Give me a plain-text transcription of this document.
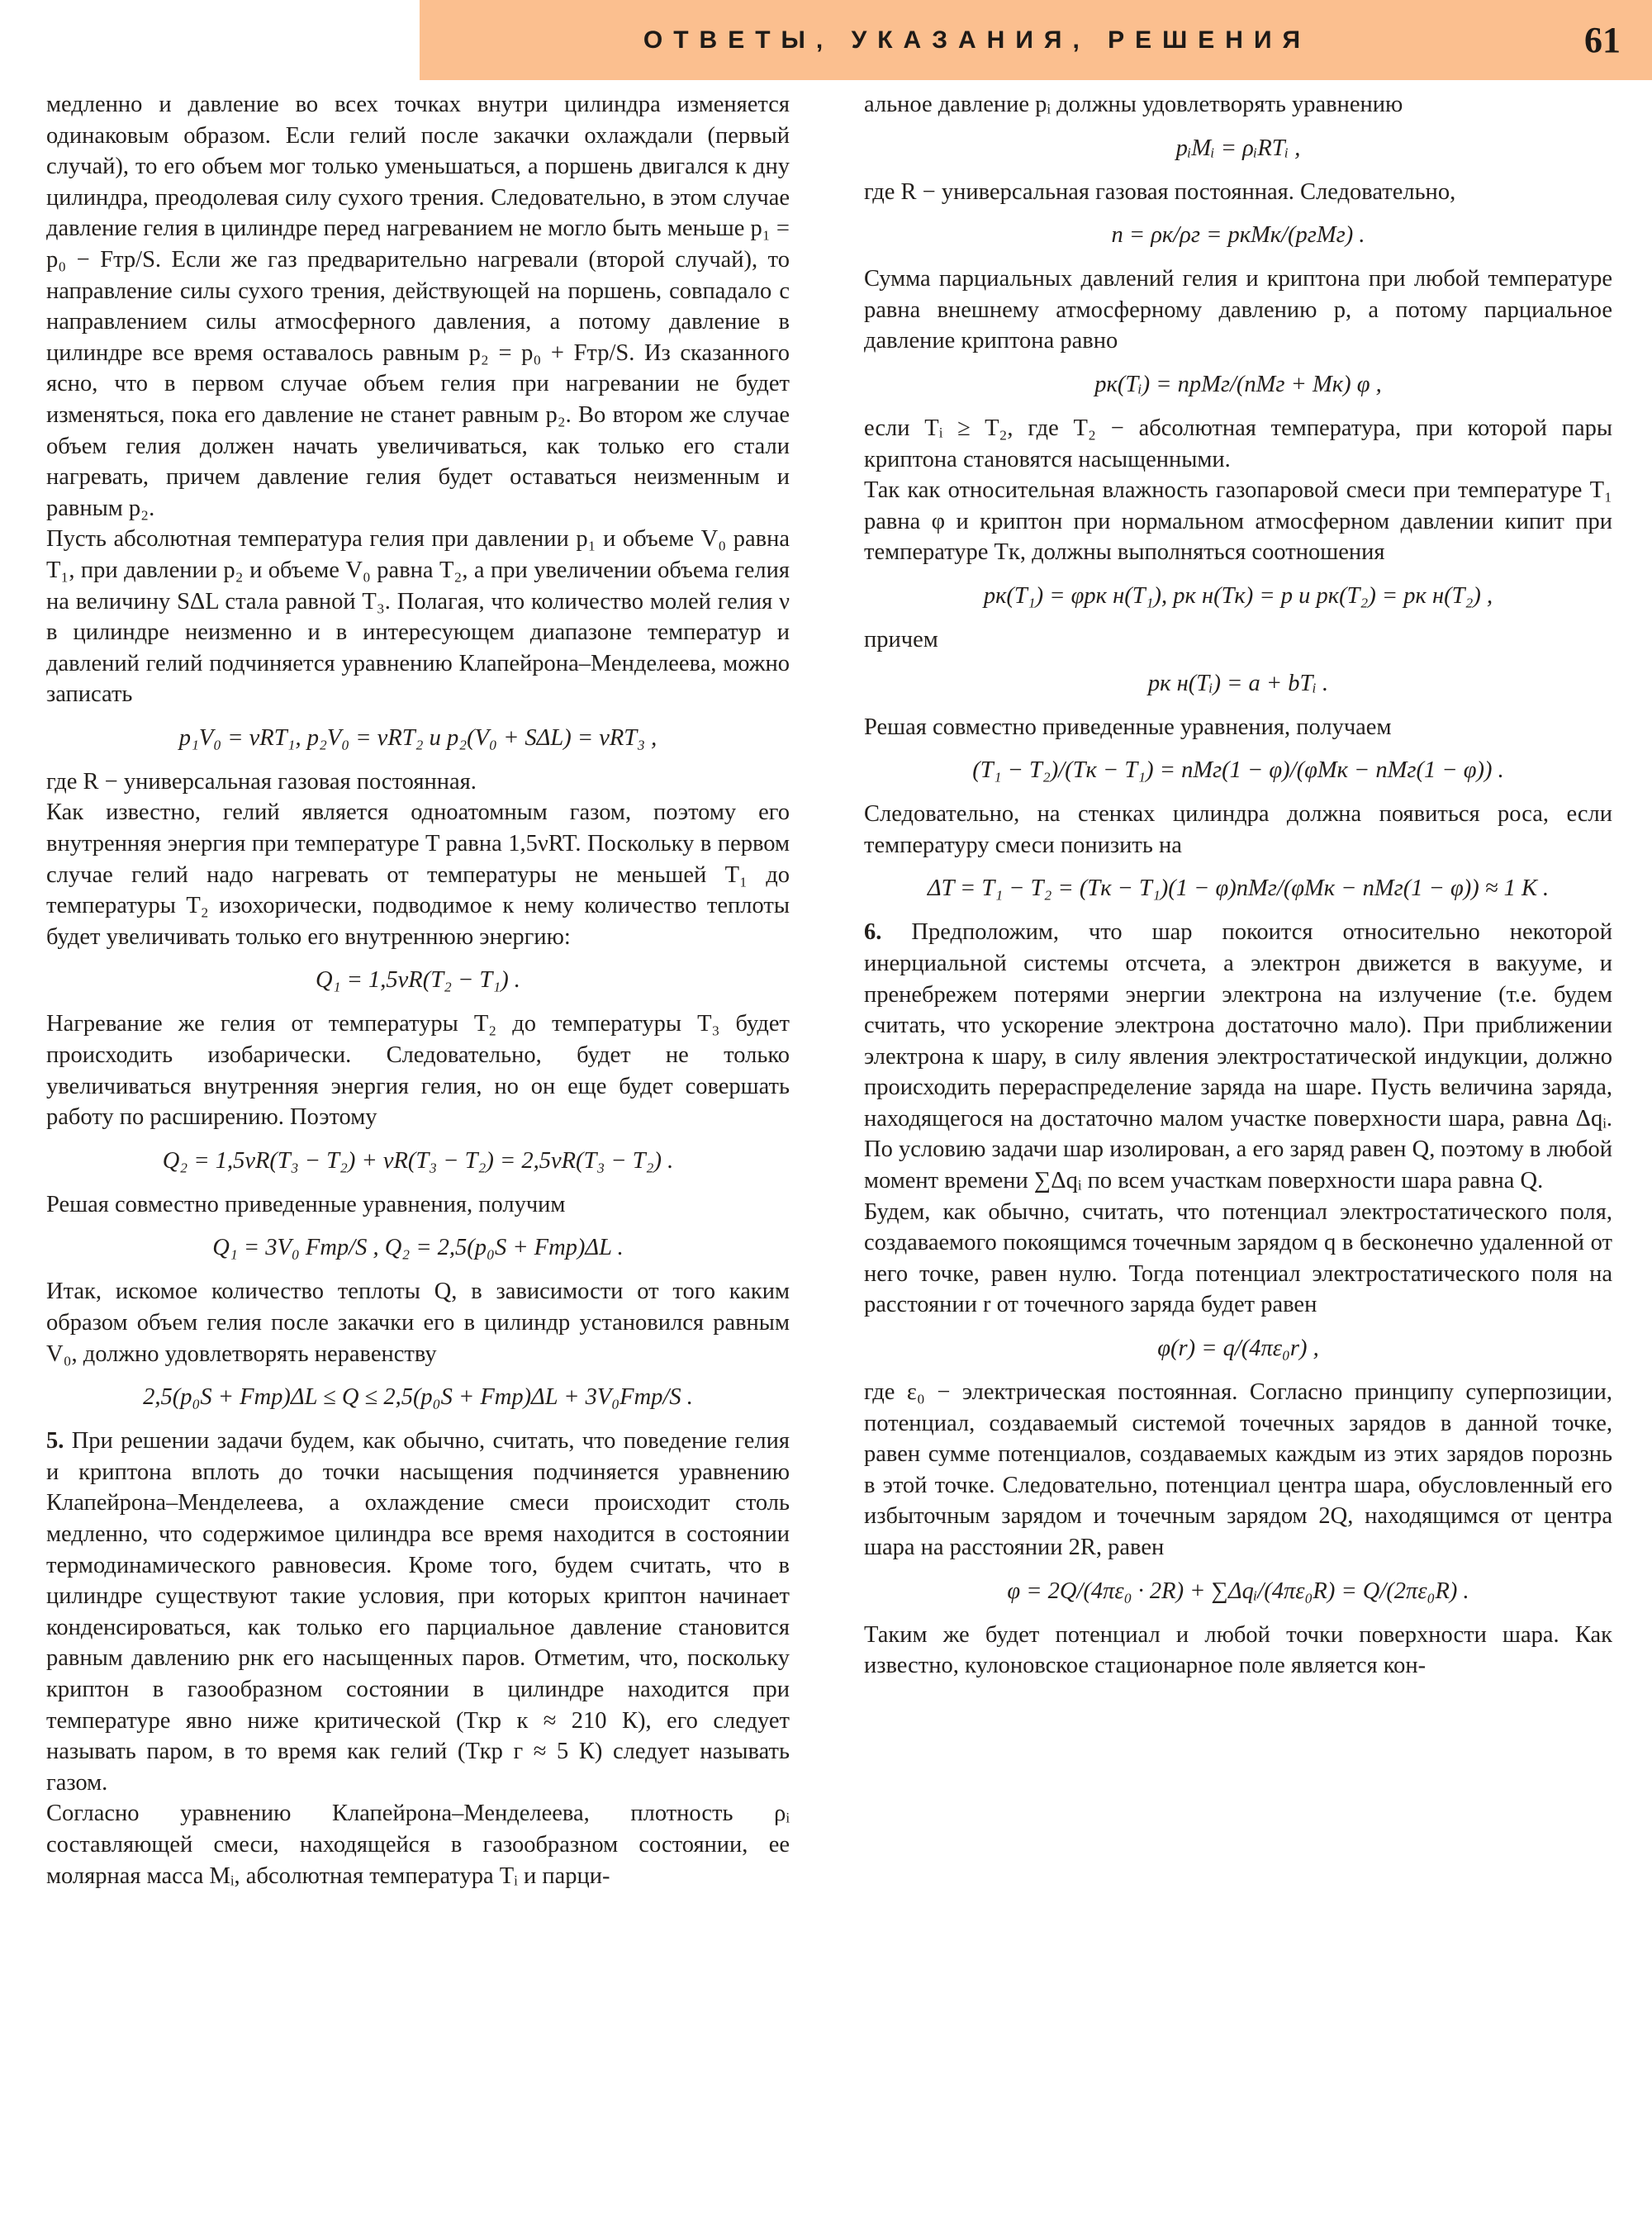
ОТВЕТЫ, УКАЗАНИЯ, РЕШЕНИЯ	61

медленно и давление во всех точках внутри цилиндра изменяется одинаковым образом. Если гелий после закачки охлаждали (первый случай), то его объем мог только уменьшаться, а поршень двигался к дну цилиндра, преодолевая силу сухого трения. Следовательно, в этом случае давление гелия в цилиндре перед нагреванием не могло быть меньше p₁ = p₀ − Fтр/S. Если же газ предварительно нагревали (второй случай), то направление силы сухого трения, действующей на поршень, совпадало с направлением силы атмосферного давления, а потому давление в цилиндре все время оставалось равным p₂ = p₀ + Fтр/S. Из сказанного ясно, что в первом случае объем гелия при нагревании не будет изменяться, пока его давление не станет равным p₂. Во втором же случае объем гелия должен начать увеличиваться, как только его стали нагревать, причем давление гелия будет оставаться неизменным и равным p₂.

Пусть абсолютная температура гелия при давлении p₁ и объеме V₀ равна T₁, при давлении p₂ и объеме V₀ равна T₂, а при увеличении объема гелия на величину SΔL стала равной T₃. Полагая, что количество молей гелия ν в цилиндре неизменно и в интересующем диапазоне температур и давлений гелий подчиняется уравнению Клапейрона–Менделеева, можно записать

p₁V₀ = νRT₁, p₂V₀ = νRT₂ и p₂(V₀ + SΔL) = νRT₃ ,

где R − универсальная газовая постоянная.

Как известно, гелий является одноатомным газом, поэтому его внутренняя энергия при температуре T равна 1,5νRT. Поскольку в первом случае гелий надо нагревать от температуры не меньшей T₁ до температуры T₂ изохорически, подводимое к нему количество теплоты будет увеличивать только его внутреннюю энергию:

Q₁ = 1,5νR(T₂ − T₁) .

Нагревание же гелия от температуры T₂ до температуры T₃ будет происходить изобарически. Следовательно, будет не только увеличиваться внутренняя энергия гелия, но он еще будет совершать работу по расширению. Поэтому

Q₂ = 1,5νR(T₃ − T₂) + νR(T₃ − T₂) = 2,5νR(T₃ − T₂) .

Решая совместно приведенные уравнения, получим

Q₁ = 3V₀ Fтр/S , Q₂ = 2,5(p₀S + Fтр)ΔL .

Итак, искомое количество теплоты Q, в зависимости от того каким образом объем гелия после закачки его в цилиндр установился равным V₀, должно удовлетворять неравенству

2,5(p₀S + Fтр)ΔL ≤ Q ≤ 2,5(p₀S + Fтр)ΔL + 3V₀Fтр/S .

5. При решении задачи будем, как обычно, считать, что поведение гелия и криптона вплоть до точки насыщения подчиняется уравнению Клапейрона–Менделеева, а охлаждение смеси происходит столь медленно, что содержимое цилиндра все время находится в состоянии термодинамического равновесия. Кроме того, будем считать, что в цилиндре существуют такие условия, при которых криптон начинает конденсироваться, как только его парциальное давление становится равным давлению pнк его насыщенных паров. Отметим, что, поскольку криптон в газообразном состоянии в цилиндре находится при температуре явно ниже критической (Tкр к ≈ 210 К), его следует называть паром, в то время как гелий (Tкр г ≈ 5 К) следует называть газом.

Согласно уравнению Клапейрона–Менделеева, плотность ρᵢ составляющей смеси, находящейся в газообразном состоянии, ее молярная масса Mᵢ, абсолютная температура Tᵢ и парци-

альное давление pᵢ должны удовлетворять уравнению

pᵢMᵢ = ρᵢRTᵢ ,

где R − универсальная газовая постоянная. Следовательно,

n = ρк/ρг = pкMк/(pгMг) .

Сумма парциальных давлений гелия и криптона при любой температуре равна внешнему атмосферному давлению p, а потому парциальное давление криптона равно

pк(Tᵢ) = npMг/(nMг + Mк) φ ,

если Tᵢ ≥ T₂, где T₂ − абсолютная температура, при которой пары криптона становятся насыщенными.

Так как относительная влажность газопаровой смеси при температуре T₁ равна φ и криптон при нормальном атмосферном давлении кипит при температуре Tк, должны выполняться соотношения

pк(T₁) = φpк н(T₁), pк н(Tк) = p и pк(T₂) = pк н(T₂) ,

причем

pк н(Tᵢ) = a + bTᵢ .

Решая совместно приведенные уравнения, получаем

(T₁ − T₂)/(Tк − T₁) = nMг(1 − φ)/(φMк − nMг(1 − φ)) .

Следовательно, на стенках цилиндра должна появиться роса, если температуру смеси понизить на

ΔT = T₁ − T₂ = (Tк − T₁)(1 − φ)nMг/(φMк − nMг(1 − φ)) ≈ 1 К .

6. Предположим, что шар покоится относительно некоторой инерциальной системы отсчета, а электрон движется в вакууме, и пренебрежем потерями энергии электрона на излучение (т.е. будем считать, что ускорение электрона достаточно мало). При приближении электрона к шару, в силу явления электростатической индукции, должно происходить перераспределение заряда на шаре. Пусть величина заряда, находящегося на достаточно малом участке поверхности шара, равна Δqᵢ. По условию задачи шар изолирован, а его заряд равен Q, поэтому в любой момент времени ∑Δqᵢ по всем участкам поверхности шара равна Q.

Будем, как обычно, считать, что потенциал электростатического поля, создаваемого покоящимся точечным зарядом q в бесконечно удаленной от него точке, равен нулю. Тогда потенциал электростатического поля на расстоянии r от точечного заряда будет равен

φ(r) = q/(4πε₀r) ,

где ε₀ − электрическая постоянная. Согласно принципу суперпозиции, потенциал, создаваемый системой точечных зарядов в данной точке, равен сумме потенциалов, создаваемых каждым из этих зарядов порознь в этой точке. Следовательно, потенциал центра шара, обусловленный его избыточным зарядом и точечным зарядом 2Q, находящимся от центра шара на расстоянии 2R, равен

φ = 2Q/(4πε₀ · 2R) + ∑Δqᵢ/(4πε₀R) = Q/(2πε₀R) .

Таким же будет потенциал и любой точки поверхности шара. Как известно, кулоновское стационарное поле является кон-
